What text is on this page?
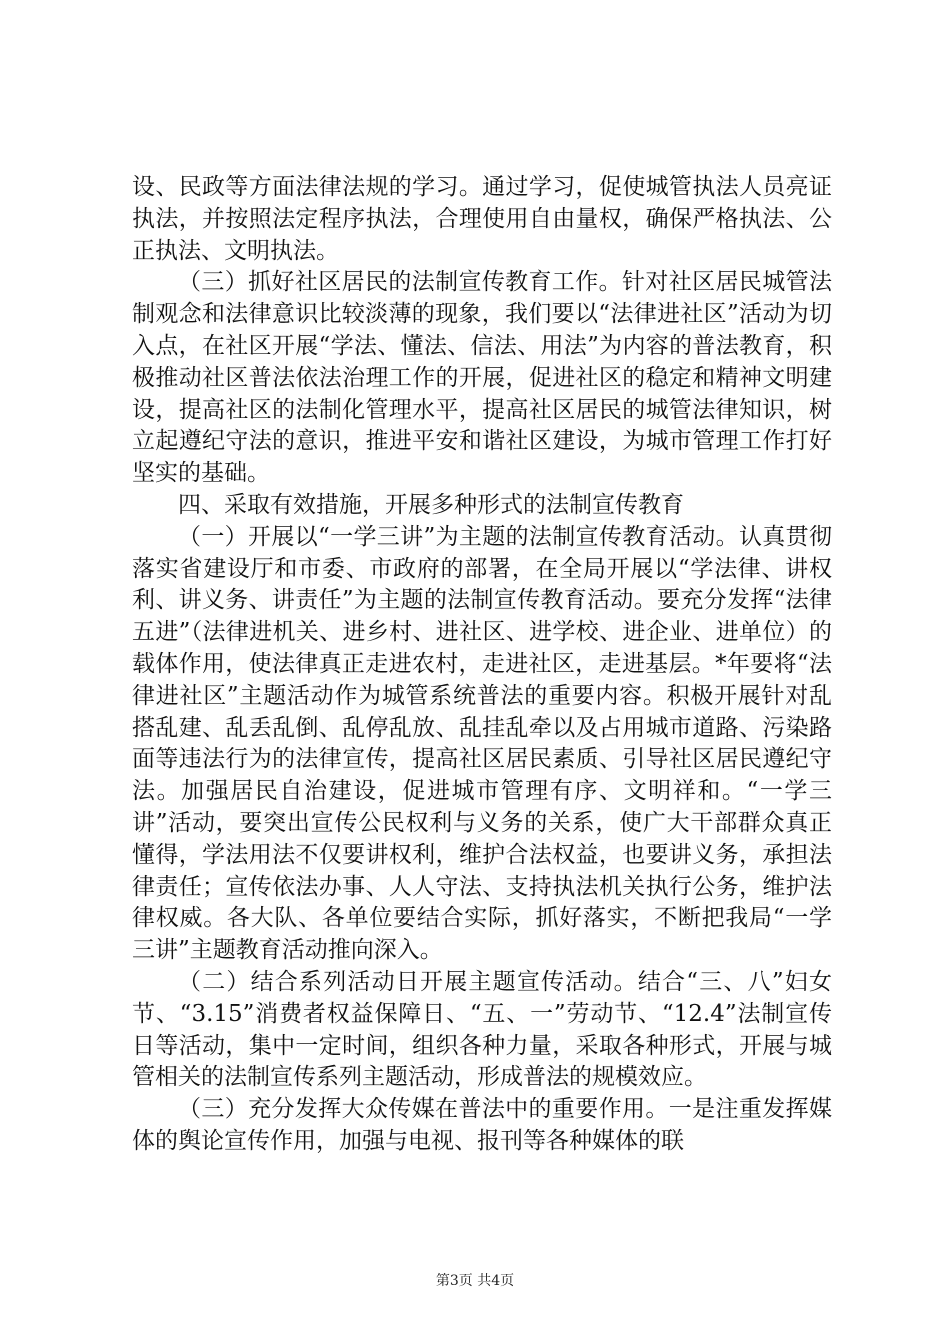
设、民政等方面法律法规的学习。通过学习，促使城管执法人员亮证执法，并按照法定程序执法，合理使用自由量权，确保严格执法、公正执法、文明执法。

（三）抓好社区居民的法制宣传教育工作。针对社区居民城管法制观念和法律意识比较淡薄的现象，我们要以“法律进社区”活动为切入点，在社区开展“学法、懂法、信法、用法”为内容的普法教育，积极推动社区普法依法治理工作的开展，促进社区的稳定和精神文明建设，提高社区的法制化管理水平，提高社区居民的城管法律知识，树立起遵纪守法的意识，推进平安和谐社区建设，为城市管理工作打好坚实的基础。

四、采取有效措施，开展多种形式的法制宣传教育

（一）开展以“一学三讲”为主题的法制宣传教育活动。认真贯彻落实省建设厅和市委、市政府的部署，在全局开展以“学法律、讲权利、讲义务、讲责任”为主题的法制宣传教育活动。要充分发挥“法律五进”（法律进机关、进乡村、进社区、进学校、进企业、进单位）的载体作用，使法律真正走进农村，走进社区，走进基层。*年要将“法律进社区”主题活动作为城管系统普法的重要内容。积极开展针对乱搭乱建、乱丢乱倒、乱停乱放、乱挂乱牵以及占用城市道路、污染路面等违法行为的法律宣传，提高社区居民素质、引导社区居民遵纪守法。加强居民自治建设，促进城市管理有序、文明祥和。“一学三讲”活动，要突出宣传公民权利与义务的关系，使广大干部群众真正懂得，学法用法不仅要讲权利，维护合法权益，也要讲义务，承担法律责任；宣传依法办事、人人守法、支持执法机关执行公务，维护法律权威。各大队、各单位要结合实际，抓好落实，不断把我局“一学三讲”主题教育活动推向深入。

（二）结合系列活动日开展主题宣传活动。结合“三、八”妇女节、“3.15”消费者权益保障日、“五、一”劳动节、“12.4”法制宣传日等活动，集中一定时间，组织各种力量，采取各种形式，开展与城管相关的法制宣传系列主题活动，形成普法的规模效应。

（三）充分发挥大众传媒在普法中的重要作用。一是注重发挥媒体的舆论宣传作用，加强与电视、报刊等各种媒体的联

第3页 共4页
